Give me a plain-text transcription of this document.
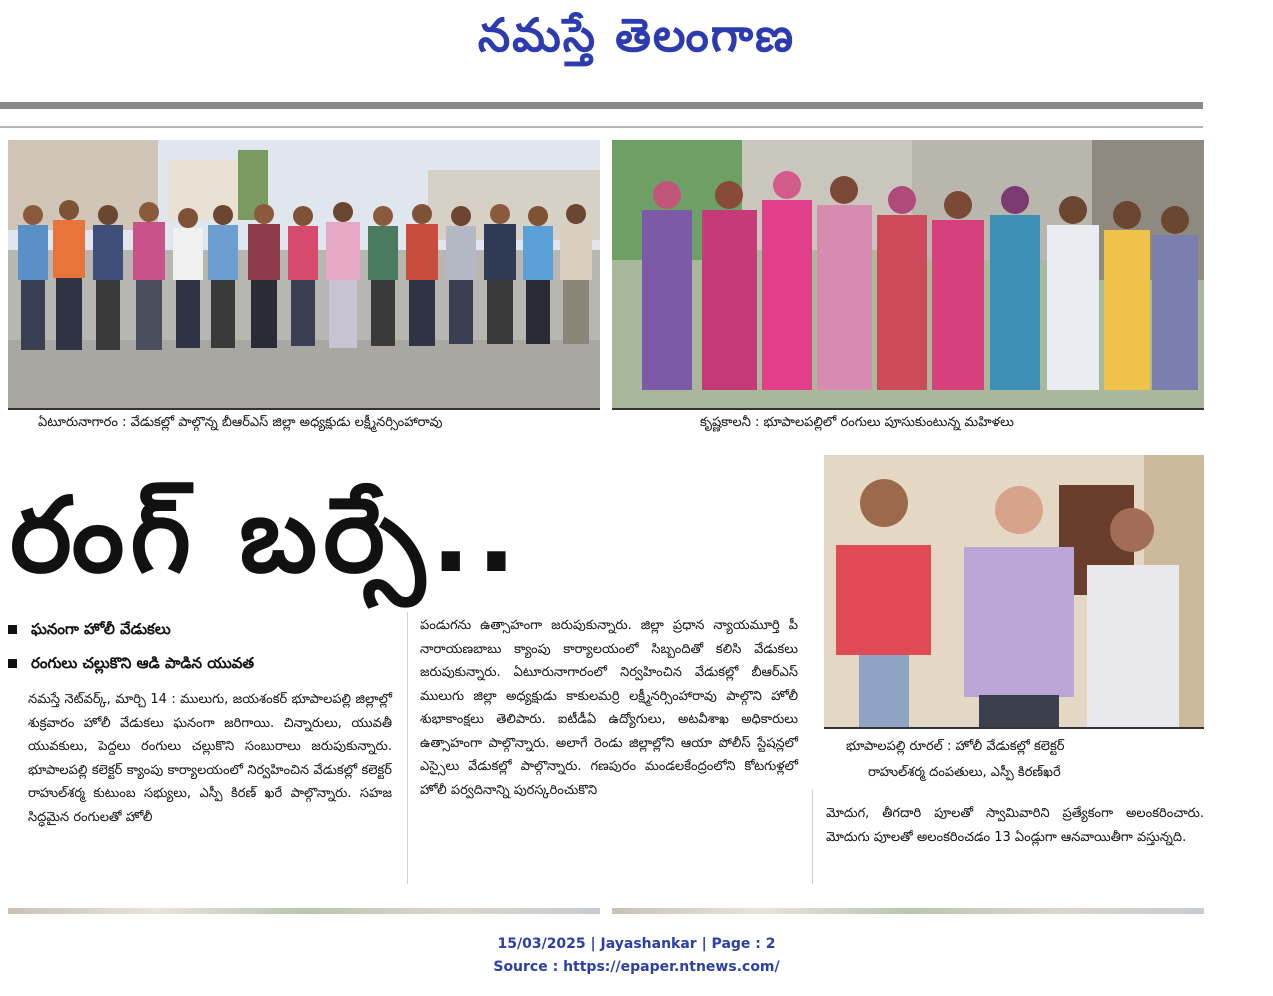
నమస్తే తెలంగాణ
ఏటూరునాగారం : వేడుకల్లో పాల్గొన్న బీఆర్ఎస్ జిల్లా అధ్యక్షుడు లక్ష్మీనర్సింహారావు	కృష్ణకాలనీ : భూపాలపల్లిలో రంగులు పూసుకుంటున్న మహిళలు
భూపాలపల్లి రూరల్ : హోలీ వేడుకల్లో కలెక్టర్
రాహుల్‌శర్మ దంపతులు, ఎస్పీ కిరణ్‌ఖరే
రంగ్ బర్సే..
ఘనంగా హోలీ వేడుకలు
రంగులు చల్లుకొని ఆడి పాడిన యువత

నమస్తే నెట్‌వర్క్, మార్చి 14 : ములుగు, జయశంకర్ భూపాలపల్లి జిల్లాల్లో శుక్రవారం హోలీ వేడుకలు ఘనంగా జరిగాయి. చిన్నారులు, యువతీ యువకులు, పెద్దలు రంగులు చల్లుకొని సంబురాలు జరుపుకున్నారు. భూపాలపల్లి కలెక్టర్ క్యాంపు కార్యాలయంలో నిర్వహించిన వేడుకల్లో కలెక్టర్ రాహుల్‌శర్మ కుటుంబ సభ్యులు, ఎస్పీ కిరణ్ ఖరే పాల్గొన్నారు. సహజ సిద్ధమైన రంగులతో హోలీ

పండుగను ఉత్సాహంగా జరుపుకున్నారు. జిల్లా ప్రధాన న్యాయమూర్తి పీ నారాయణబాబు క్యాంపు కార్యాలయంలో సిబ్బందితో కలిసి వేడుకలు జరుపుకున్నారు. ఏటూరునాగారంలో నిర్వహించిన వేడుకల్లో బీఆర్ఎస్ ములుగు జిల్లా అధ్యక్షుడు కాకులమర్రి లక్ష్మీనర్సింహారావు పాల్గొని హోలీ శుభాకాంక్షలు తెలిపారు. ఐటీడీఏ ఉద్యోగులు, అటవీశాఖ అధికారులు ఉత్సాహంగా పాల్గొన్నారు. అలాగే రెండు జిల్లాల్లోని ఆయా పోలీస్ స్టేషన్లలో ఎస్సైలు వేడుకల్లో పాల్గొన్నారు. గణపురం మండలకేంద్రంలోని కోటగుళ్లలో హోలీ పర్వదినాన్ని పురస్కరించుకొని

మోదుగ, తీగదారి పూలతో స్వామివారిని ప్రత్యేకంగా అలంకరించారు. మోదుగు పూలతో అలంకరించడం 13 ఏండ్లుగా ఆనవాయితీగా వస్తున్నది.

15/03/2025 | Jayashankar | Page : 2
Source : https://epaper.ntnews.com/
